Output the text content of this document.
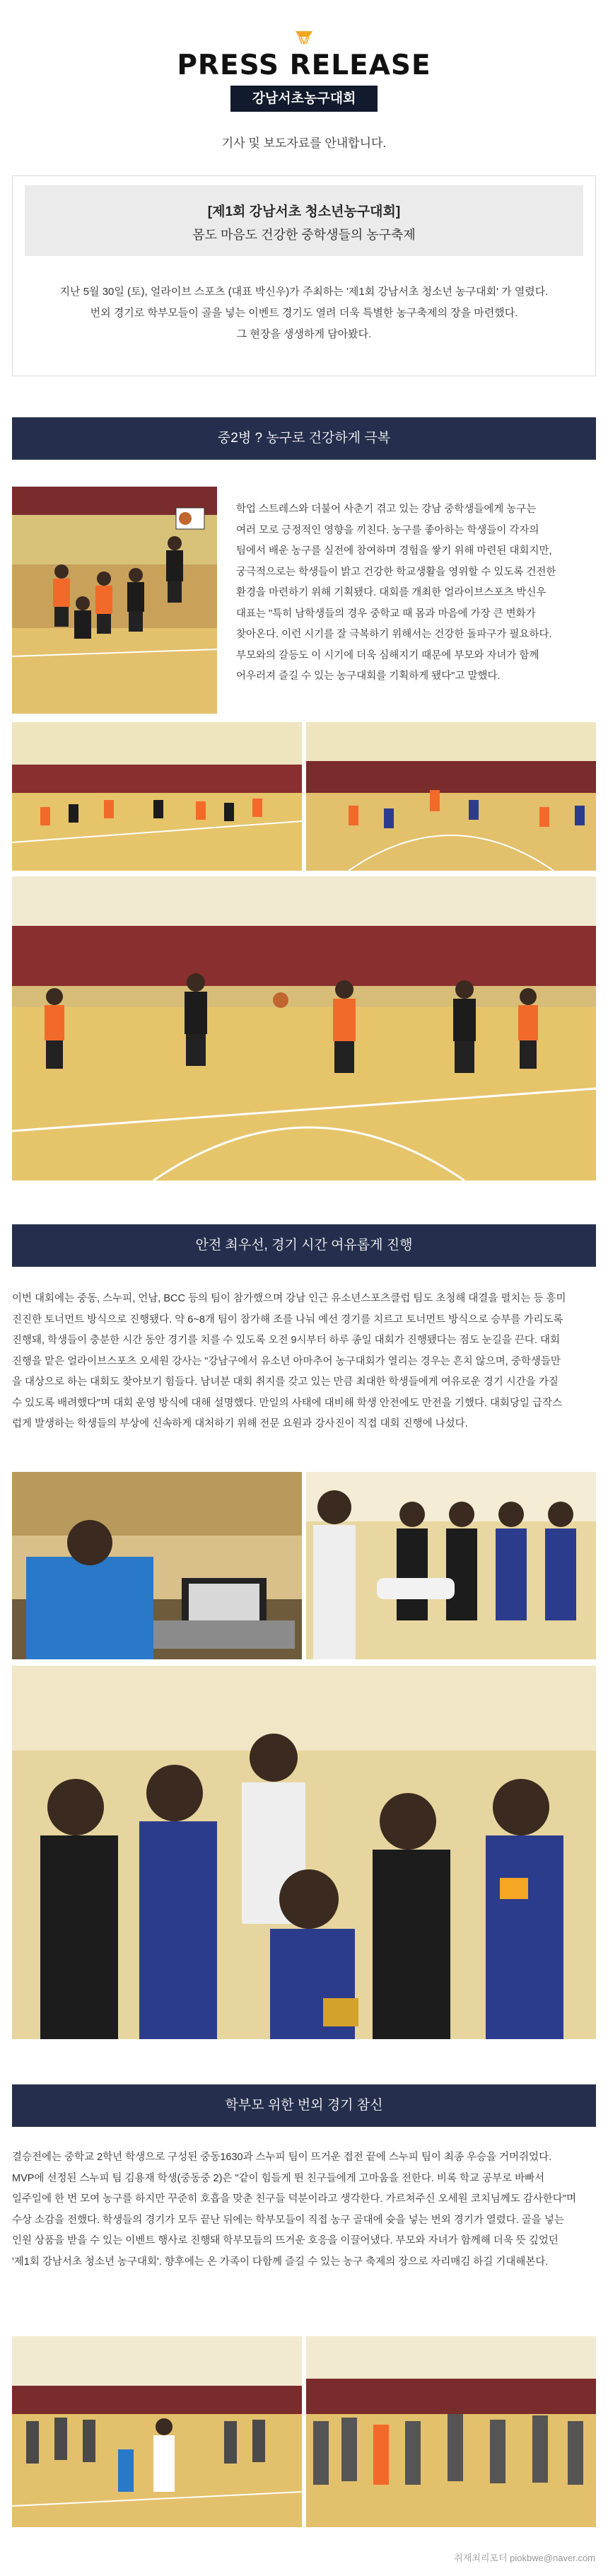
PRESS RELEASE
강남서초농구대회
기사 및 보도자료를 안내합니다.
[제1회 강남서초 청소년농구대회]
몸도 마음도 건강한 중학생들의 농구축제
지난 5월 30일 (토), 얼라이브 스포츠 (대표 박신우)가 주최하는 '제1회 강남서초 청소년 농구대회' 가 열렸다.
번외 경기로 학부모들이 골을 넣는 이벤트 경기도 열려 더욱 특별한 농구축제의 장을 마련했다.
그 현장을 생생하게 담아봤다.
중2병 ? 농구로 건강하게 극복
학업 스트레스와 더불어 사춘기 겪고 있는 강남 중학생들에게 농구는
여러 모로 긍정적인 영향을 끼친다. 농구를 좋아하는 학생들이 각자의
팀에서 배운 농구를 실전에 참여하며 경험을 쌓기 위해 마련된 대회지만,
궁극적으로는 학생들이 밝고 건강한 학교생활을 영위할 수 있도록 건전한
환경을 마련하기 위해 기획됐다. 대회를 개최한 얼라이브스포츠 박신우
대표는 "특히 남학생들의 경우 중학교 때 몸과 마음에 가장 큰 변화가
찾아온다. 이런 시기를 잘 극복하기 위해서는 건강한 돌파구가 필요하다.
부모와의 갈등도 이 시기에 더욱 심해지기 때문에 부모와 자녀가 함께
어우러져 즐길 수 있는 농구대회를 기획하게 됐다"고 말했다.
안전 최우선, 경기 시간 여유롭게 진행
이번 대회에는 중동, 스누피, 언남, BCC 등의 팀이 참가했으며 강남 인근 유소년스포츠클럽 팀도 초청해 대결을 펼치는 등 흥미
진진한 토너먼트 방식으로 진행됐다. 약 6~8개 팀이 참가해 조를 나눠 예선 경기를 치르고 토너먼트 방식으로 승부를 가리도록
진행돼, 학생들이 충분한 시간 동안 경기를 치를 수 있도록 오전 9시부터 하루 종일 대회가 진행됐다는 점도 눈길을 끈다. 대회
진행을 맡은 얼라이브스포츠 오세원 강사는 "강남구에서 유소년 아마추어 농구대회가 열리는 경우는 흔치 않으며, 중학생들만
을 대상으로 하는 대회도 찾아보기 힘들다. 남녀분 대회 취지를 갖고 있는 만큼 최대한 학생들에게 여유로운 경기 시간을 가질
수 있도록 배려했다"며 대회 운영 방식에 대해 설명했다. 만일의 사태에 대비해 학생 안전에도 만전을 기했다. 대회당일 급작스
럽게 발생하는 학생들의 부상에 신속하게 대처하기 위해 전문 요원과 강사진이 직접 대회 진행에 나섰다.
학부모 위한 번외 경기 참신
결승전에는 중학교 2학년 학생으로 구성된 중동1630과 스누피 팀이 뜨거운 접전 끝에 스누피 팀이 최종 우승을 거머쥐었다.
MVP에 선정된 스누피 팀 김용재 학생(중동중 2)은 "같이 힘들게 뛴 친구들에게 고마움을 전한다. 비록 학교 공부로 바빠서
일주일에 한 번 모여 농구를 하지만 꾸준히 호흡을 맞춘 친구들 덕분이라고 생각한다. 가르쳐주신 오세원 코치님께도 감사한다"며
수상 소감을 전했다. 학생들의 경기가 모두 끝난 뒤에는 학부모들이 직접 농구 골대에 슛을 넣는 번외 경기가 열렸다. 골을 넣는
인원 상품을 받을 수 있는 이벤트 행사로 진행돼 학부모들의 뜨거운 호응을 이끌어냈다. 부모와 자녀가 함께해 더욱 뜻 깊었던
'제1회 강남서초 청소년 농구대회'. 향후에는 온 가족이 다함께 즐길 수 있는 농구 축제의 장으로 자리매김 하길 기대해본다.
취재최리포터 piokbwe@naver.com
